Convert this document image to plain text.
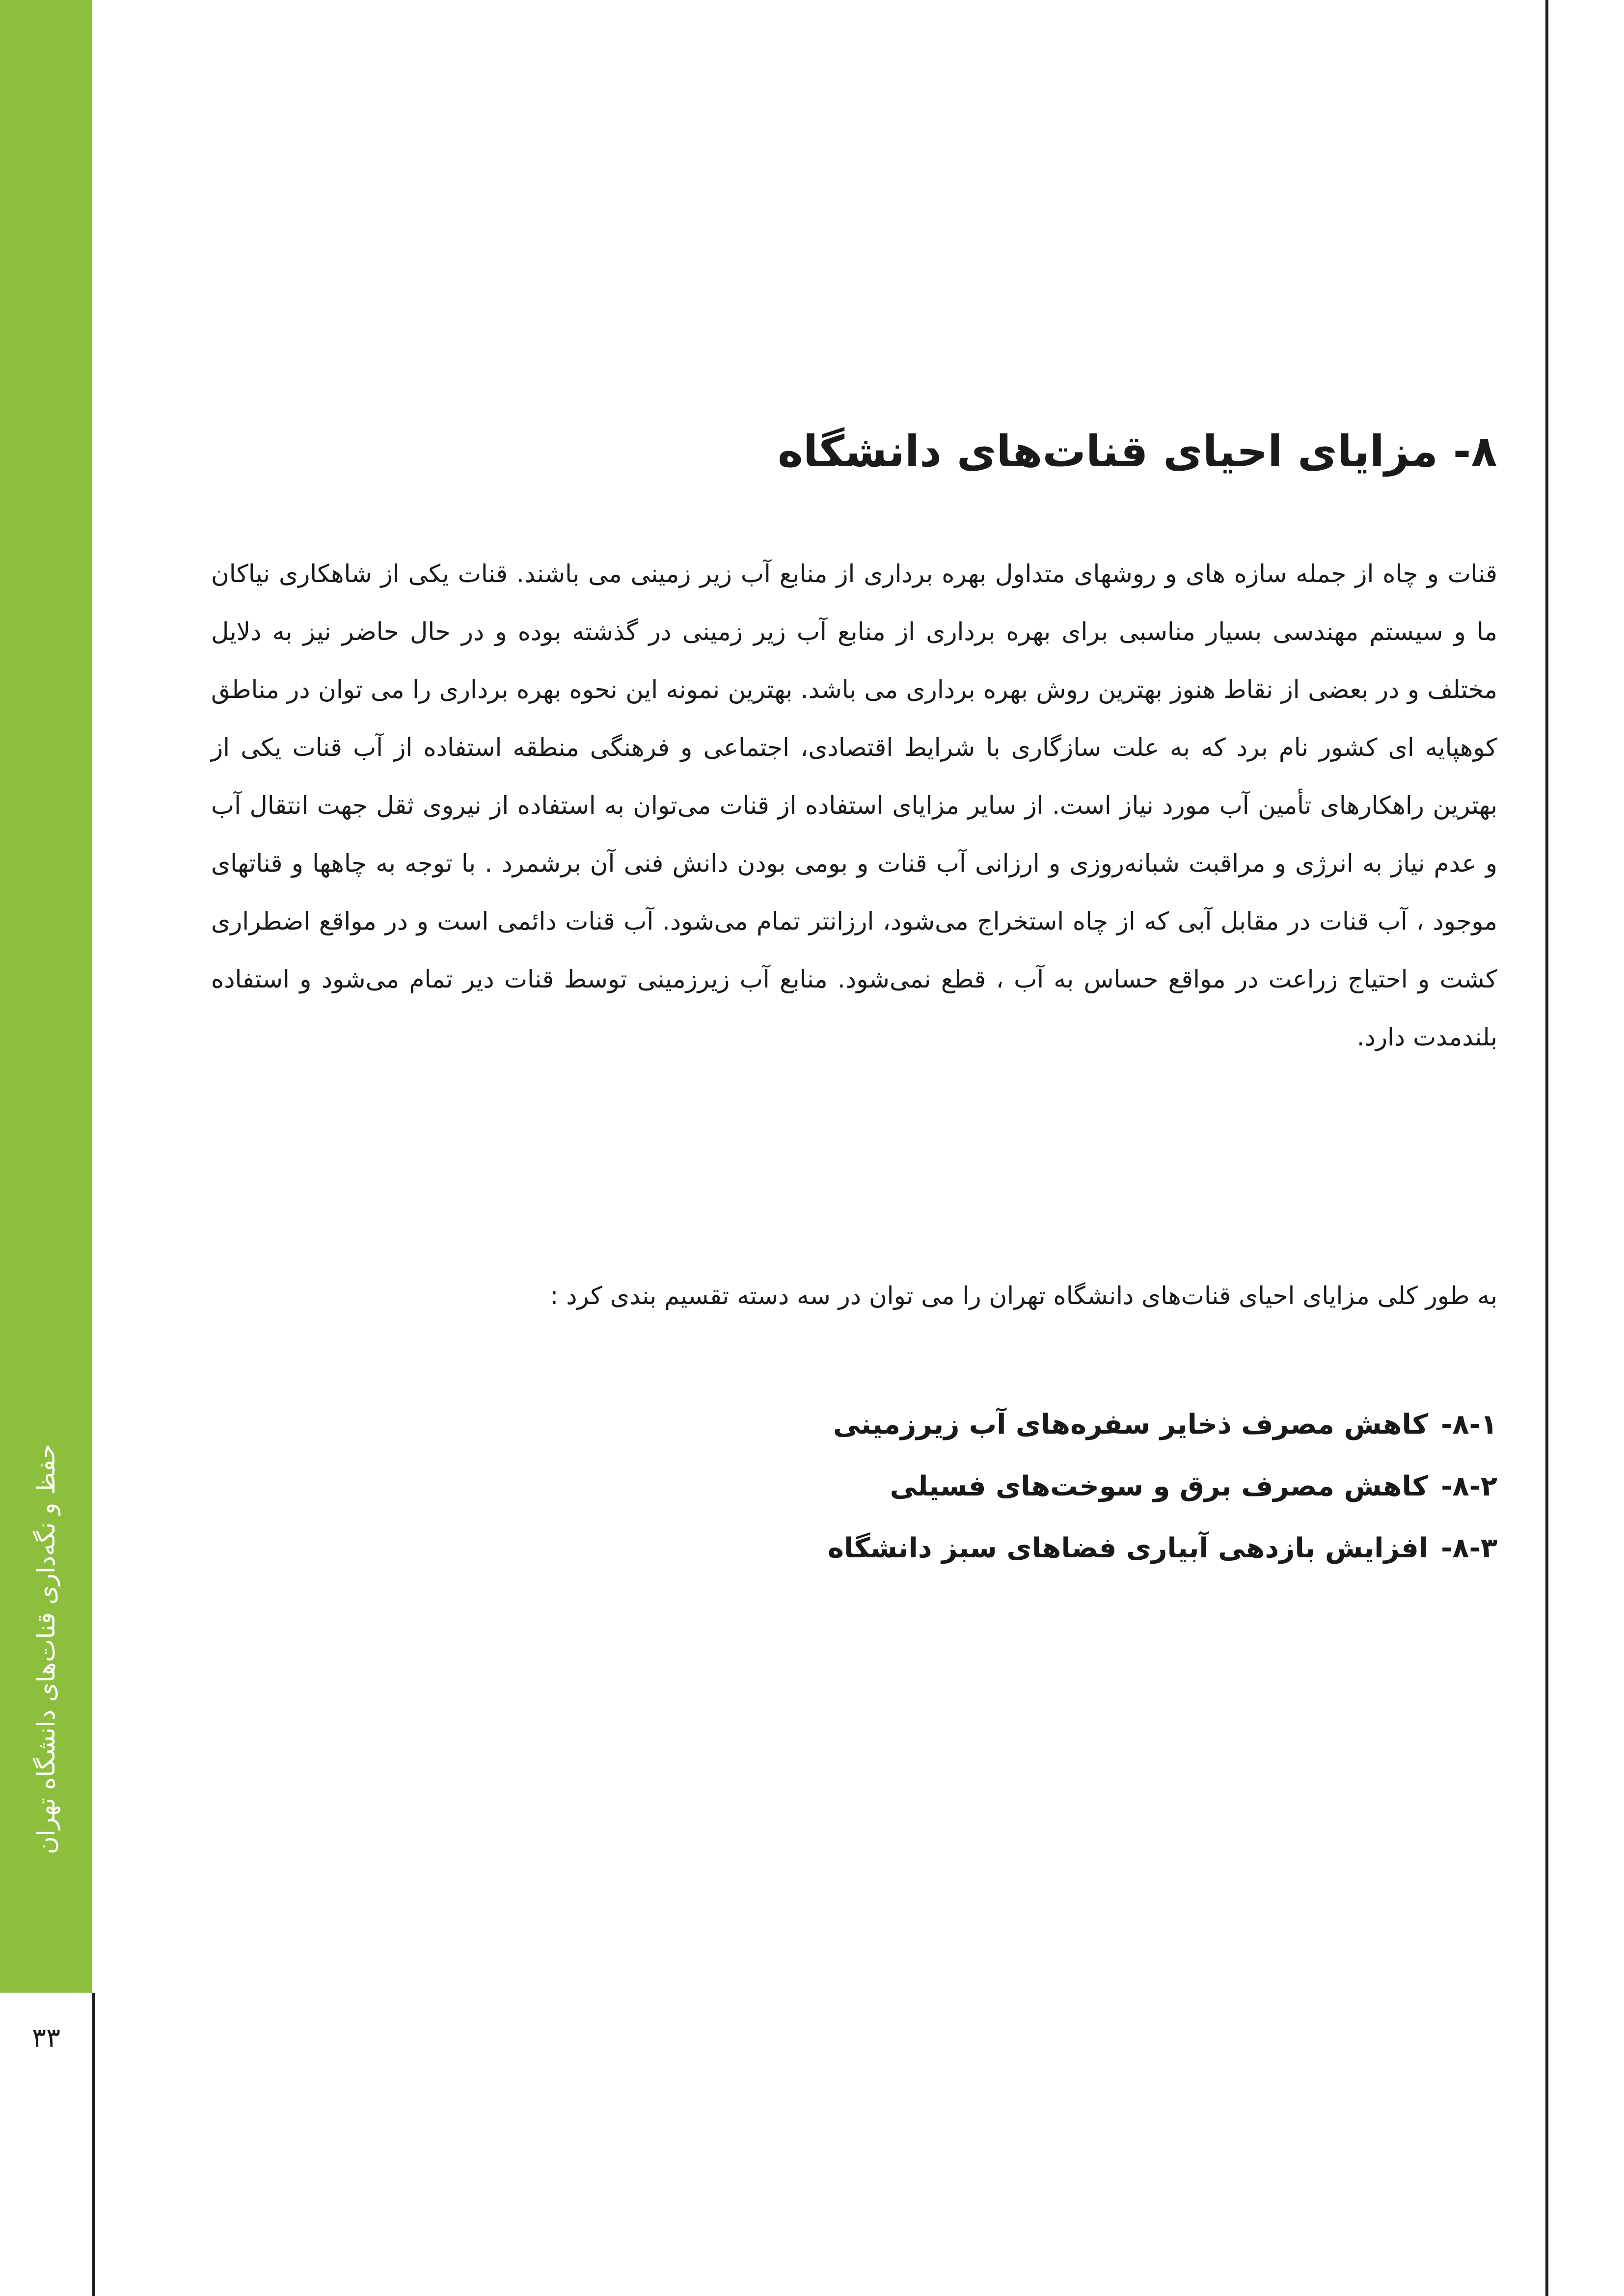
حفظ و نگه‌داری قنات‌های دانشگاه تهران
۳۳
۸- مزایای احیای قنات‌های دانشگاه

قنات و چاه از جمله سازه های و روشهای متداول بهره برداری از منابع آب زیر زمینی می باشند. قنات یکی از شاهکاری نیاکان ما و سیستم مهندسی بسیار مناسبی برای بهره برداری از منابع آب زیر زمینی در گذشته بوده و در حال حاضر نیز به دلایل مختلف و در بعضی از نقاط هنوز بهترین روش بهره برداری می باشد. بهترین نمونه این نحوه بهره برداری را می توان در مناطق کوهپایه ای کشور نام برد که به علت سازگاری با شرایط اقتصادی، اجتماعی و فرهنگی منطقه استفاده از آب قنات یکی از بهترین راهکارهای تأمین آب مورد نیاز است. از سایر مزایای استفاده از قنات می‌توان به استفاده از نیروی ثقل جهت انتقال آب و عدم نیاز به انرژی و مراقبت شبانه‌روزی و ارزانی آب قنات و بومی بودن دانش فنی آن برشمرد . با توجه به چاهها و قناتهای موجود ، آب قنات در مقابل آبی که از چاه استخراج می‌شود، ارزانتر تمام می‌شود. آب قنات دائمی است و در مواقع اضطراری کشت و احتیاج زراعت در مواقع حساس به آب ، قطع نمی‌شود. منابع آب زیرزمینی توسط قنات دیر تمام می‌شود و استفاده بلندمدت دارد.

به طور کلی مزایای احیای قنات‌های دانشگاه تهران را می توان در سه دسته تقسیم بندی کرد :

۸-۱-کاهش مصرف ذخایر سفره‌های آب زیرزمینی
۸-۲-کاهش مصرف برق و سوخت‌های فسیلی
۸-۳-افزایش بازدهی آبیاری فضاهای سبز دانشگاه
